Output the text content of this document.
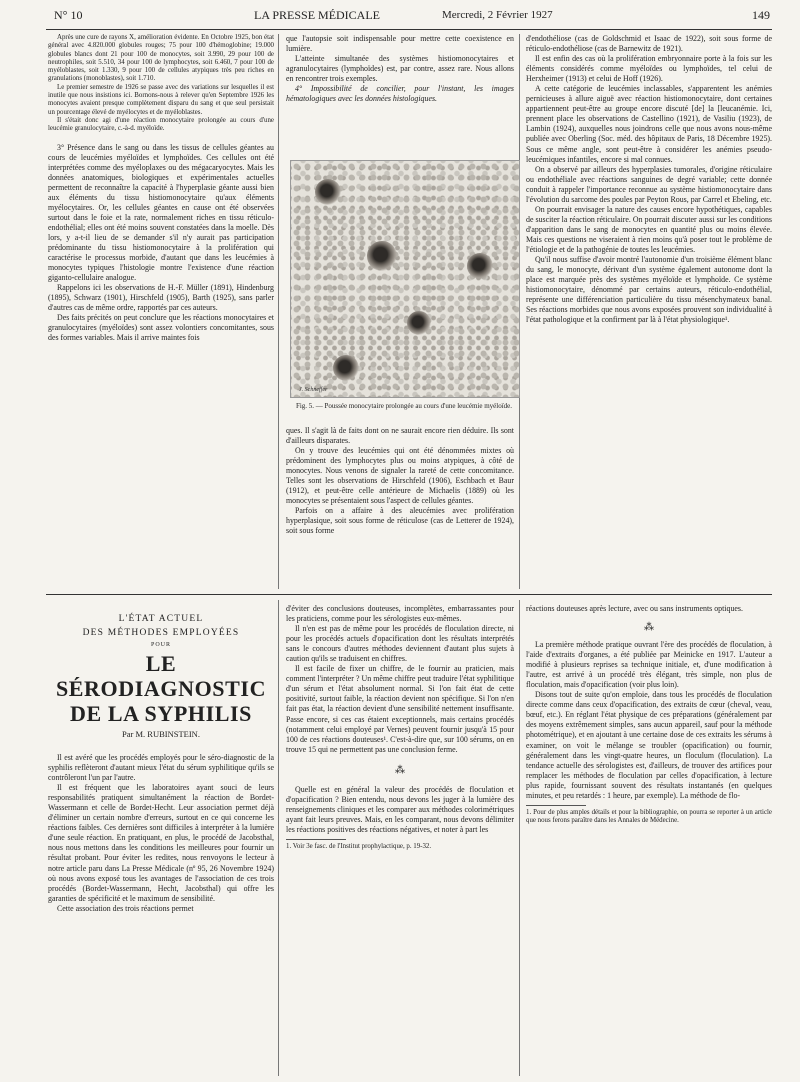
N° 10	LA PRESSE MÉDICALE	Mercredi, 2 Février 1927	149

Après une cure de rayons X, amélioration évidente. En Octobre 1925, bon état général avec 4.820.000 globules rouges; 75 pour 100 d'hémoglobine; 19.000 globules blancs dont 21 pour 100 de monocytes, soit 3.990, 29 pour 100 de neutrophiles, soit 5.510, 34 pour 100 de lymphocytes, soit 6.460, 7 pour 100 de myéloblastes, soit 1.330, 9 pour 100 de cellules atypiques très peu riches en granulations (monoblastes), soit 1.710.

Le premier semestre de 1926 se passe avec des variations sur lesquelles il est inutile que nous insistions ici. Bornons-nous à relever qu'en Septembre 1926 les monocytes avaient presque complètement disparu du sang et que seul persistait un pourcentage élevé de myélocytes et de myéloblastes.

Il s'était donc agi d'une réaction monocytaire prolongée au cours d'une leucémie granulocytaire, c.-à-d. myéloïde.

3° Présence dans le sang ou dans les tissus de cellules géantes au cours de leucémies myéloïdes et lymphoïdes. Ces cellules ont été interprétées comme des myéloplaxes ou des mégacaryocytes. Mais les données anatomiques, biologiques et expérimentales actuelles permettent de reconnaître la capacité à l'hyperplasie géante aussi bien aux éléments du tissu histiomonocytaire qu'aux éléments myélocytaires. Or, les cellules géantes en cause ont été observées surtout dans le foie et la rate, normalement riches en tissu réticulo-endothélial; elles ont été moins souvent constatées dans la moelle. Dès lors, y a-t-il lieu de se demander s'il n'y aurait pas participation prédominante du tissu histiomonocytaire à la prolifération qui caractérise le processus morbide, d'autant que dans les leucémies à monocytes typiques l'histologie montre l'existence d'une réaction giganto-cellulaire analogue.

Rappelons ici les observations de H.-F. Müller (1891), Hindenburg (1895), Schwarz (1901), Hirschfeld (1905), Barth (1925), sans parler d'autres cas de même ordre, rapportés par ces auteurs.

Des faits précités on peut conclure que les réactions monocytaires et granulocytaires (myéloïdes) sont assez volontiers concomitantes, sous des formes variables. Mais il arrive maintes fois

que l'autopsie soit indispensable pour mettre cette coexistence en lumière.

L'atteinte simultanée des systèmes histiomonocytaires et agranulocytaires (lymphoïdes) est, par contre, assez rare. Nous allons en rencontrer trois exemples.

4° Impossibilité de concilier, pour l'instant, les images hématologiques avec les données histologiques.

J. Schneffer
Fig. 5. — Poussée monocytaire prolongée au cours d'une leucémie myéloïde.

ques. Il s'agit là de faits dont on ne saurait encore rien déduire. Ils sont d'ailleurs disparates.

On y trouve des leucémies qui ont été dénommées mixtes où prédominent des lymphocytes plus ou moins atypiques, à côté de monocytes. Nous venons de signaler la rareté de cette concomitance. Telles sont les observations de Hirschfeld (1906), Eschbach et Baur (1912), et peut-être celle antérieure de Michaelis (1889) où les monocytes se présentaient sous l'aspect de cellules géantes.

Parfois on a affaire à des aleucémies avec prolifération hyperplasique, soit sous forme de réticulose (cas de Letterer de 1924), soit sous forme

d'endothéliose (cas de Goldschmid et Isaac de 1922), soit sous forme de réticulo-endothéliose (cas de Barnewitz de 1921).

Il est enfin des cas où la prolifération embryonnaire porte à la fois sur les éléments considérés comme myéloïdes ou lymphoïdes, tel celui de Herxheimer (1913) et celui de Hoff (1926).

A cette catégorie de leucémies inclassables, s'apparentent les anémies pernicieuses à allure aiguë avec réaction histiomonocytaire, dont certaines appartiennent peut-être au groupe encore discuté [de] la [leucanémie. Ici, prennent place les observations de Castellino (1921), de Vasiliu (1923), de Lambin (1924), auxquelles nous joindrons celle que nous avons nous-même publiée avec Oberling (Soc. méd. des hôpitaux de Paris, 18 Décembre 1925). Sous ce même angle, sont peut-être à considérer les anémies pseudo-leucémiques infantiles, encore si mal connues.

On a observé par ailleurs des hyperplasies tumorales, d'origine réticulaire ou endothéliale avec réactions sanguines de degré variable; cette donnée conduit à rappeler l'importance reconnue au système histiomonocytaire dans l'évolution du sarcome des poules par Peyton Rous, par Carrel et Ebeling, etc.

On pourrait envisager la nature des causes encore hypothétiques, capables de susciter la réaction réticulaire. On pourrait discuter aussi sur les conditions d'apparition dans le sang de monocytes en quantité plus ou moins élevée. Mais ces questions ne viseraient à rien moins qu'à poser tout le problème de l'étiologie et de la pathogénie de toutes les leucémies.

Qu'il nous suffise d'avoir montré l'autonomie d'un troisième élément blanc du sang, le monocyte, dérivant d'un système également autonome dont la place est marquée près des systèmes myéloïde et lymphoïde. Ce système histiomonocytaire, dénommé par certains auteurs, réticulo-endothélial, représente une différenciation particulière du tissu mésenchymateux banal. Ses réactions morbides que nous avons exposées prouvent son individualité à l'état pathologique et la confirment par là à l'état physiologique¹.

L'ÉTAT ACTUEL
DES MÉTHODES EMPLOYÉES
POUR
LE SÉRODIAGNOSTIC
DE LA SYPHILIS
Par M. RUBINSTEIN.

Il est avéré que les procédés employés pour le séro-diagnostic de la syphilis reflèteront d'autant mieux l'état du sérum syphilitique qu'ils se contrôleront l'un par l'autre.

Il est fréquent que les laboratoires ayant souci de leurs responsabilités pratiquent simultanément la réaction de Bordet-Wassermann et celle de Bordet-Hecht. Leur association permet déjà d'éliminer un certain nombre d'erreurs, surtout en ce qui concerne les réactions faibles. Ces dernières sont difficiles à interpréter à la lumière d'une seule réaction. En pratiquant, en plus, le procédé de Jacobsthal, nous nous mettons dans les conditions les meilleures pour fournir un résultat probant. Pour éviter les redites, nous renvoyons le lecteur à notre article paru dans La Presse Médicale (nº 95, 26 Novembre 1924) où nous avons exposé tous les avantages de l'association de ces trois procédés (Bordet-Wassermann, Hecht, Jacobsthal) qui offre les garanties de spécificité et le maximum de sensibilité.

Cette association des trois réactions permet

d'éviter des conclusions douteuses, incomplètes, embarrassantes pour les praticiens, comme pour les sérologistes eux-mêmes.

Il n'en est pas de même pour les procédés de floculation directe, ni pour les procédés actuels d'opacification dont les résultats interprétés sans le concours d'autres méthodes deviennent d'autant plus sujets à caution qu'ils se traduisent en chiffres.

Il est facile de fixer un chiffre, de le fournir au praticien, mais comment l'interpréter ? Un même chiffre peut traduire l'état syphilitique d'un sérum et l'état absolument normal. Si l'on fait état de cette positivité, surtout faible, la réaction devient non spécifique. Si l'on n'en fait pas état, la réaction devient d'une sensibilité nettement insuffisante. Passe encore, si ces cas étaient exceptionnels, mais certains procédés (notamment celui employé par Vernes) peuvent fournir jusqu'à 15 pour 100 de ces réactions douteuses¹. C'est-à-dire que, sur 100 sérums, on en trouve 15 qui ne permettent pas une conclusion ferme.

⁂

Quelle est en général la valeur des procédés de floculation et d'opacification ? Bien entendu, nous devons les juger à la lumière des renseignements cliniques et les comparer aux méthodes colorimétriques ayant fait leurs preuves. Mais, en les comparant, nous devons délimiter les réactions positives des réactions négatives, et noter à part les

1. Voir 3e fasc. de l'Institut prophylactique, p. 19-32.

réactions douteuses après lecture, avec ou sans instruments optiques.

⁂

La première méthode pratique ouvrant l'ère des procédés de floculation, à l'aide d'extraits d'organes, a été publiée par Meinicke en 1917. L'auteur a modifié à plusieurs reprises sa technique initiale, et, d'une modification à l'autre, est arrivé à un procédé très élégant, très simple, non plus de floculation, mais d'opacification (voir plus loin).

Disons tout de suite qu'on emploie, dans tous les procédés de floculation directe comme dans ceux d'opacification, des extraits de cœur (cheval, veau, bœuf, etc.). En réglant l'état physique de ces préparations (généralement par des moyens extrêmement simples, sans aucun appareil, sauf pour la méthode photométrique), et en ajoutant à une certaine dose de ces extraits les sérums à examiner, on voit le mélange se troubler (opacification) ou fournir, généralement dans les vingt-quatre heures, un floculum (floculation). La tendance actuelle des sérologistes est, d'ailleurs, de trouver des artifices pour remplacer les méthodes de floculation par celles d'opacification, à lecture plus rapide, fournissant souvent des résultats instantanés (en quelques minutes, et peu retardés : 1 heure, par exemple). La méthode de flo-

1. Pour de plus amples détails et pour la bibliographie, on pourra se reporter à un article que nous ferons paraître dans les Annales de Médecine.
